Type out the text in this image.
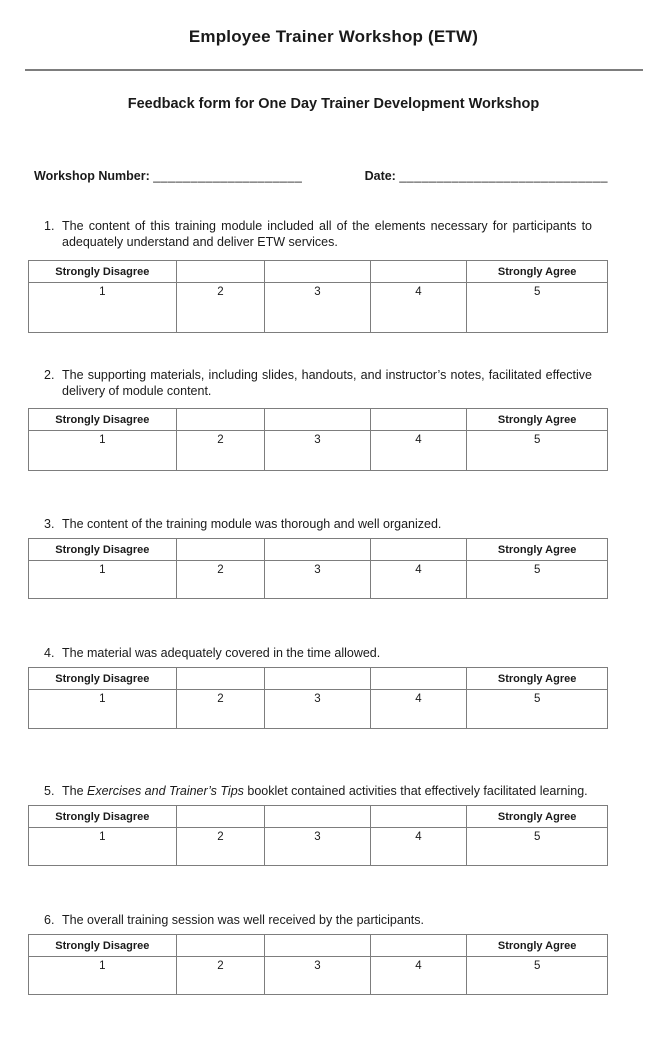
Employee Trainer Workshop (ETW)
Feedback form for One Day Trainer Development Workshop
Workshop Number: ____________________	Date: ____________________________
1. The content of this training module included all of the elements necessary for participants to adequately understand and deliver ETW services.

Strongly Disagree				Strongly Agree
1	2	3	4	5
2. The supporting materials, including slides, handouts, and instructor’s notes, facilitated effective delivery of module content.

Strongly Disagree				Strongly Agree
1	2	3	4	5
3. The content of the training module was thorough and well organized.

Strongly Disagree				Strongly Agree
1	2	3	4	5
4. The material was adequately covered in the time allowed.

Strongly Disagree				Strongly Agree
1	2	3	4	5
5. The Exercises and Trainer’s Tips booklet contained activities that effectively facilitated learning.

Strongly Disagree				Strongly Agree
1	2	3	4	5
6. The overall training session was well received by the participants.

Strongly Disagree				Strongly Agree
1	2	3	4	5
